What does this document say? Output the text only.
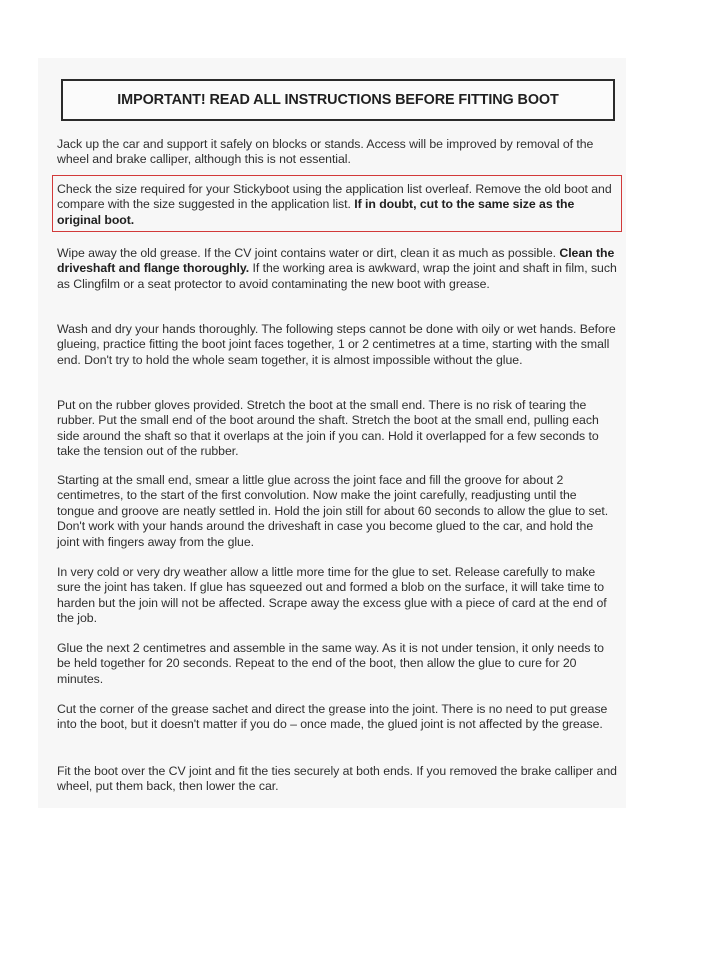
IMPORTANT! READ ALL INSTRUCTIONS BEFORE FITTING BOOT

Jack up the car and support it safely on blocks or stands. Access will be improved by removal of the wheel and brake calliper, although this is not essential.

Check the size required for your Stickyboot using the application list overleaf. Remove the old boot and compare with the size suggested in the application list. If in doubt, cut to the same size as the original boot.

Wipe away the old grease. If the CV joint contains water or dirt, clean it as much as possible. Clean the driveshaft and flange thoroughly. If the working area is awkward, wrap the joint and shaft in film, such as Clingfilm or a seat protector to avoid contaminating the new boot with grease.

Wash and dry your hands thoroughly. The following steps cannot be done with oily or wet hands. Before glueing, practice fitting the boot joint faces together, 1 or 2 centimetres at a time, starting with the small end. Don't try to hold the whole seam together, it is almost impossible without the glue.

Put on the rubber gloves provided. Stretch the boot at the small end. There is no risk of tearing the rubber. Put the small end of the boot around the shaft. Stretch the boot at the small end, pulling each side around the shaft so that it overlaps at the join if you can. Hold it overlapped for a few seconds to take the tension out of the rubber.

Starting at the small end, smear a little glue across the joint face and fill the groove for about 2 centimetres, to the start of the first convolution. Now make the joint carefully, readjusting until the tongue and groove are neatly settled in. Hold the join still for about 60 seconds to allow the glue to set. Don't work with your hands around the driveshaft in case you become glued to the car, and hold the joint with fingers away from the glue.

In very cold or very dry weather allow a little more time for the glue to set. Release carefully to make sure the joint has taken. If glue has squeezed out and formed a blob on the surface, it will take time to harden but the join will not be affected. Scrape away the excess glue with a piece of card at the end of the job.

Glue the next 2 centimetres and assemble in the same way. As it is not under tension, it only needs to be held together for 20 seconds. Repeat to the end of the boot, then allow the glue to cure for 20 minutes.

Cut the corner of the grease sachet and direct the grease into the joint. There is no need to put grease into the boot, but it doesn't matter if you do – once made, the glued joint is not affected by the grease.

Fit the boot over the CV joint and fit the ties securely at both ends. If you removed the brake calliper and wheel, put them back, then lower the car.
